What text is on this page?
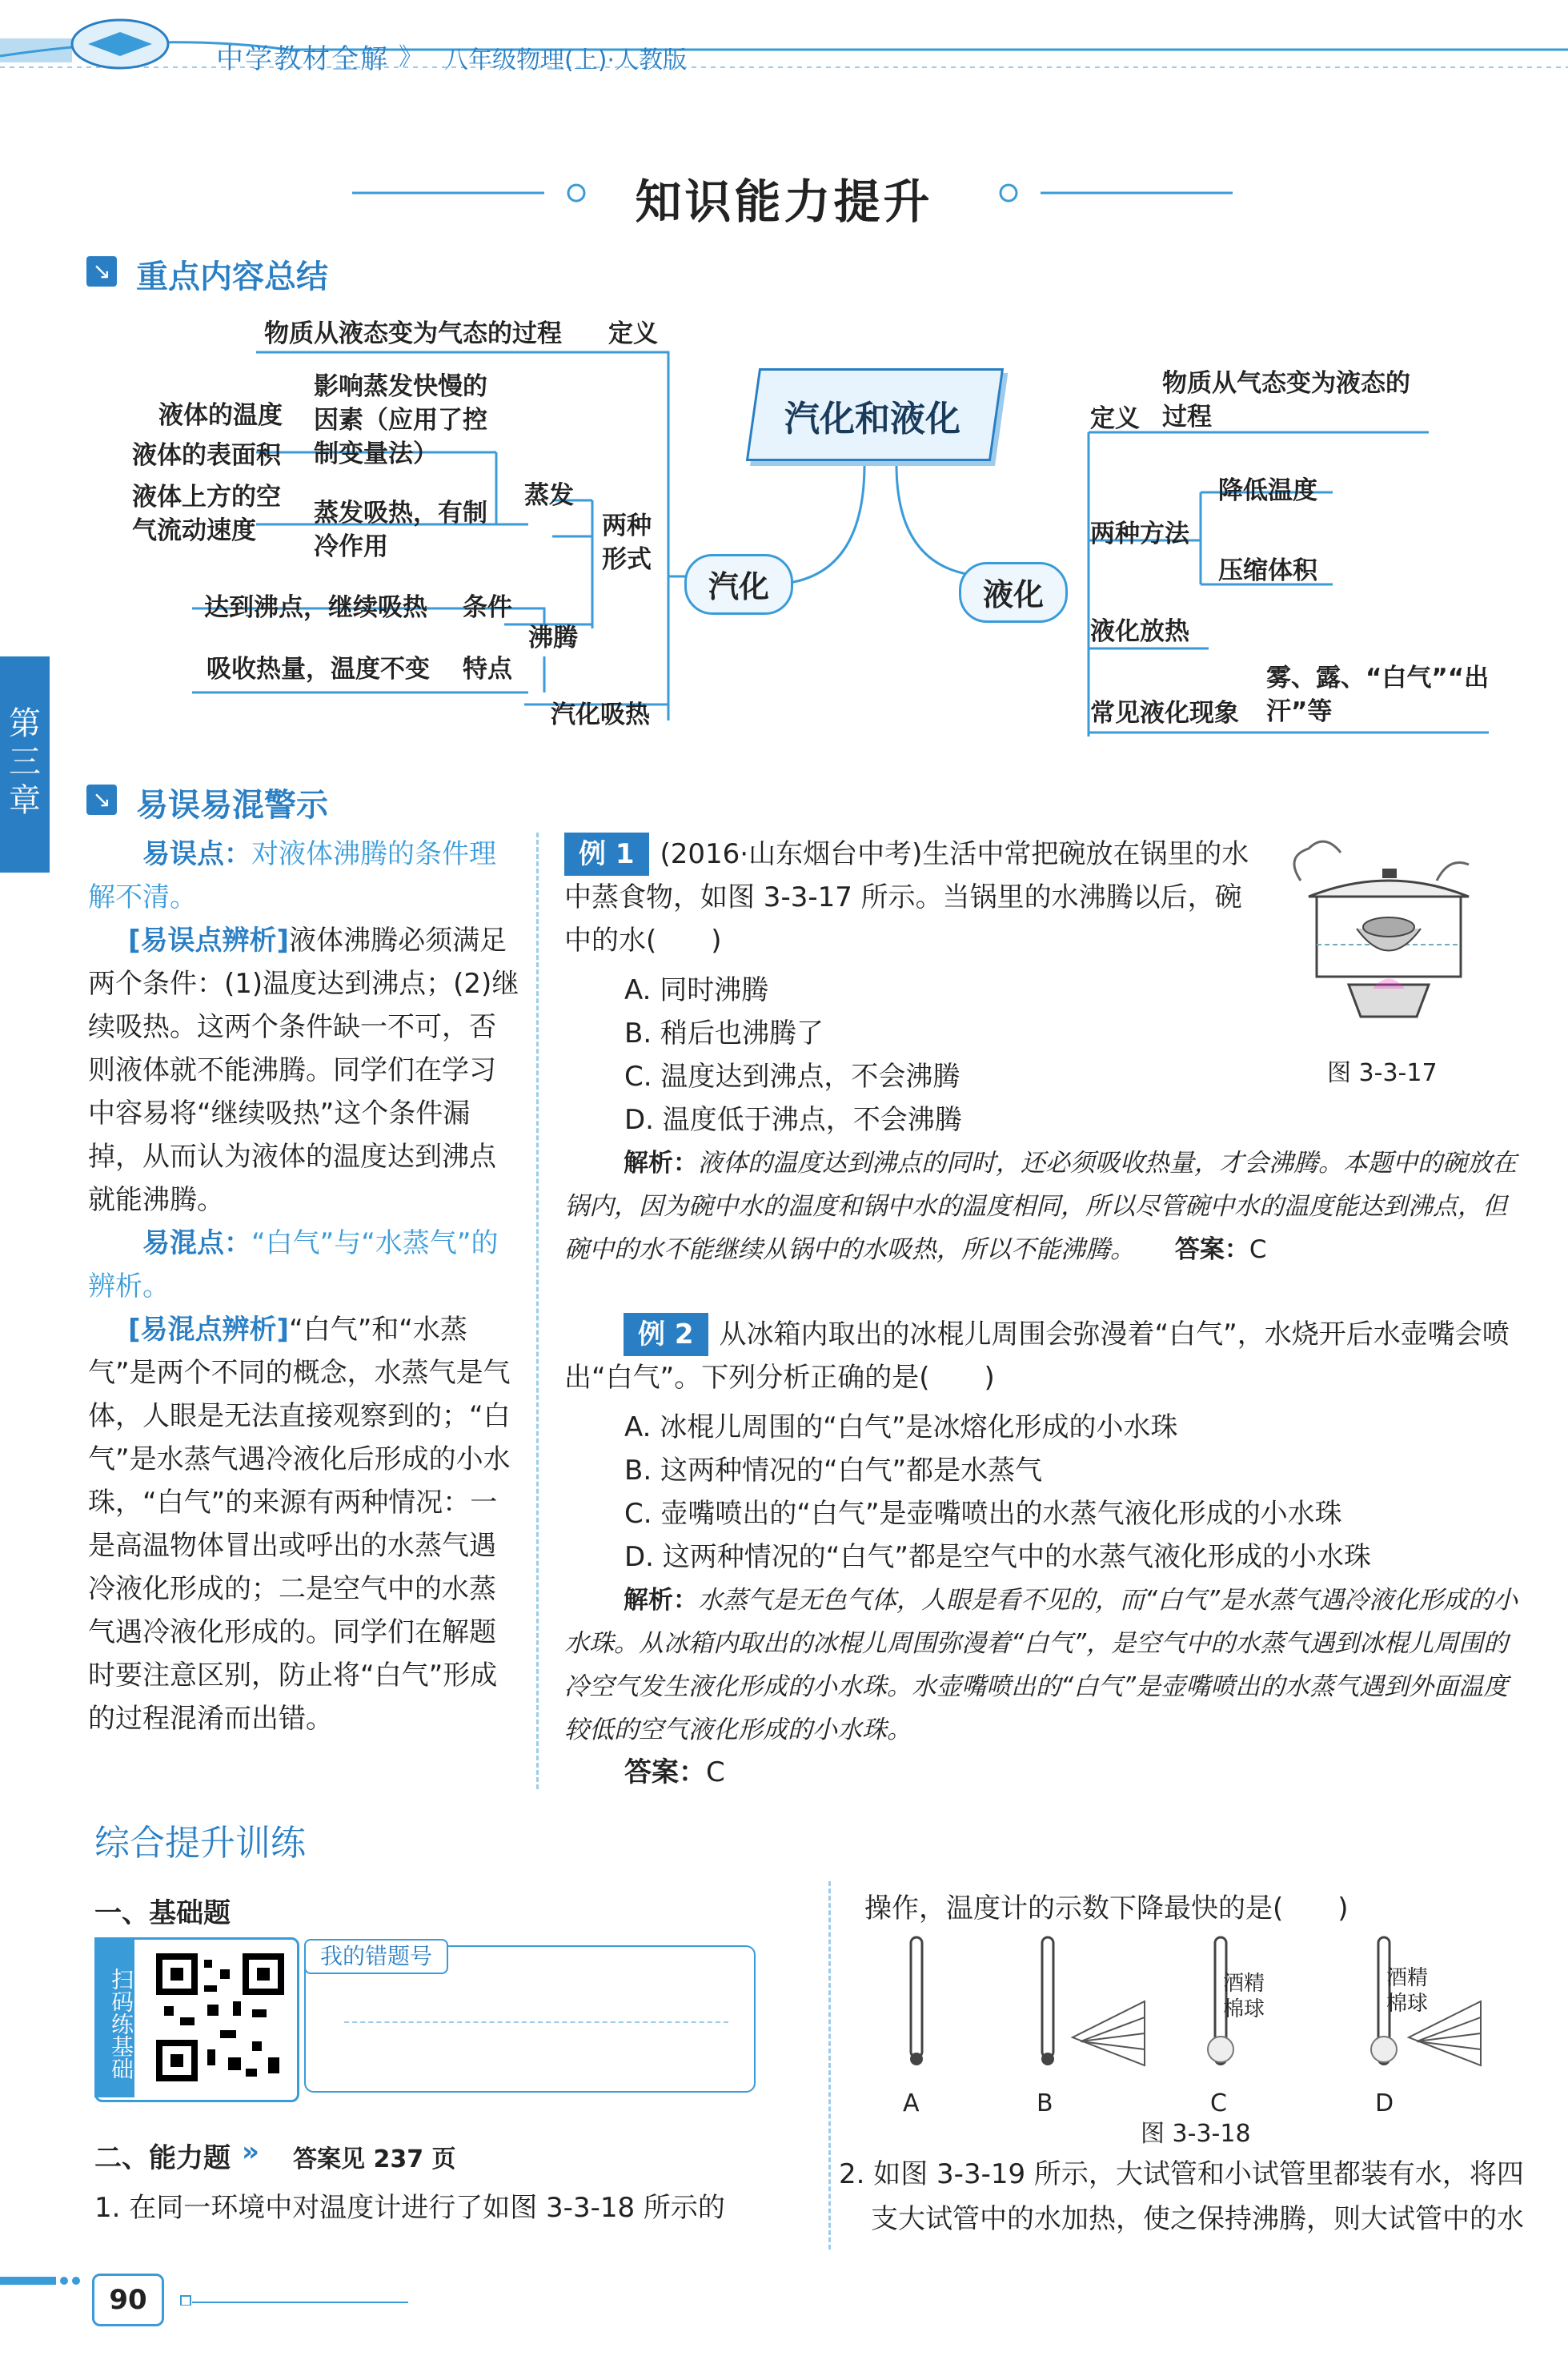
中学教材全解 》 八年级物理(上)·人教版
知识能力提升
第三章
↘ 重点内容总结
汽化和液化
汽化	液化
物质从液态变为气态的过程 定义
影响蒸发快慢的
因素（应用了控
制变量法）
液体的温度
液体的表面积
液体上方的空
气流动速度
蒸发吸热，有制
冷作用
蒸发
两种
形式
达到沸点，继续吸热 条件
沸腾
吸收热量，温度不变 特点
汽化吸热
物质从气态变为液态的
过程
定义
降低温度
两种方法
压缩体积
液化放热
雾、露、“白气”“出
汗”等
常见液化现象
↘ 易误易混警示

易误点：对液体沸腾的条件理解不清。

[易误点辨析]液体沸腾必须满足两个条件：(1)温度达到沸点；(2)继续吸热。这两个条件缺一不可，否则液体就不能沸腾。同学们在学习中容易将“继续吸热”这个条件漏掉，从而认为液体的温度达到沸点就能沸腾。

易混点：“白气”与“水蒸气”的辨析。

[易混点辨析]“白气”和“水蒸气”是两个不同的概念，水蒸气是气体，人眼是无法直接观察到的；“白气”是水蒸气遇冷液化后形成的小水珠，“白气”的来源有两种情况：一是高温物体冒出或呼出的水蒸气遇冷液化形成的；二是空气中的水蒸气遇冷液化形成的。同学们在解题时要注意区别，防止将“白气”形成的过程混淆而出错。

例 1 (2016·山东烟台中考)生活中常把碗放在锅里的水中蒸食物，如图 3-3-17 所示。当锅里的水沸腾以后，碗中的水(　　)
A. 同时沸腾
B. 稍后也沸腾了
C. 温度达到沸点，不会沸腾
D. 温度低于沸点，不会沸腾
图 3-3-17
解析：液体的温度达到沸点的同时，还必须吸收热量，才会沸腾。本题中的碗放在锅内，因为碗中水的温度和锅中水的温度相同，所以尽管碗中水的温度能达到沸点，但碗中的水不能继续从锅中的水吸热，所以不能沸腾。 答案：C
例 2 从冰箱内取出的冰棍儿周围会弥漫着“白气”，水烧开后水壶嘴会喷出“白气”。下列分析正确的是(　　)
A. 冰棍儿周围的“白气”是冰熔化形成的小水珠
B. 这两种情况的“白气”都是水蒸气
C. 壶嘴喷出的“白气”是壶嘴喷出的水蒸气液化形成的小水珠
D. 这两种情况的“白气”都是空气中的水蒸气液化形成的小水珠
解析：水蒸气是无色气体，人眼是看不见的，而“白气”是水蒸气遇冷液化形成的小水珠。从冰箱内取出的冰棍儿周围弥漫着“白气”，是空气中的水蒸气遇到冰棍儿周围的冷空气发生液化形成的小水珠。水壶嘴喷出的“白气”是壶嘴喷出的水蒸气遇到外面温度较低的空气液化形成的小水珠。
答案：C
综合提升训练
一、基础题
扫码练基础
我的错题号
二、能力题 » 答案见 237 页
1. 在同一环境中对温度计进行了如图 3-3-18 所示的
操作，温度计的示数下降最快的是(　　)
酒精
棉球
酒精
棉球
A	B	C	D
图 3-3-18
2. 如图 3-3-19 所示，大试管和小试管里都装有水，将四
支大试管中的水加热，使之保持沸腾，则大试管中的水
90
